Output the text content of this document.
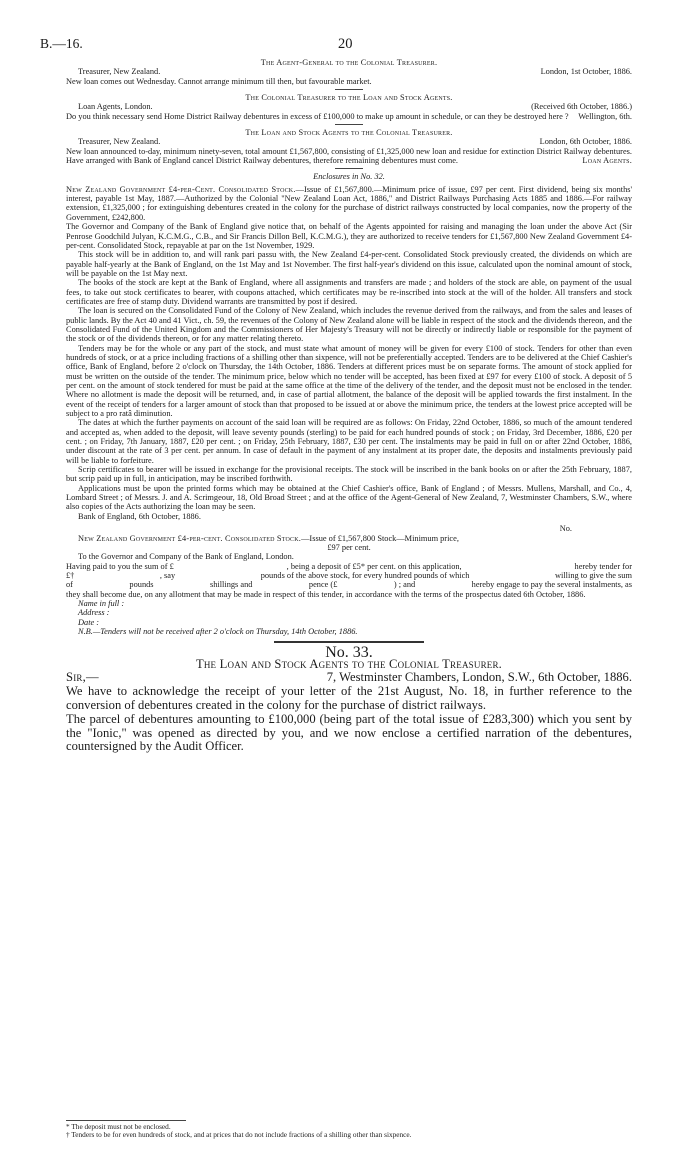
B.—16.	20
The Agent-General to the Colonial Treasurer.
Treasurer, New Zealand.	London, 1st October, 1886.
New loan comes out Wednesday. Cannot arrange minimum till then, but favourable market.
The Colonial Treasurer to the Loan and Stock Agents.
Loan Agents, London.	(Received 6th October, 1886.)
Do you think necessary send Home District Railway debentures in excess of £100,000 to make up amount in schedule, or can they be destroyed here ?	Wellington, 6th.
The Loan and Stock Agents to the Colonial Treasurer.
Treasurer, New Zealand.	London, 6th October, 1886.
New loan announced to-day, minimum ninety-seven, total amount £1,567,800, consisting of £1,325,000 new loan and residue for extinction District Railway debentures. Have arranged with Bank of England cancel District Railway debentures, therefore remaining debentures must come.	Loan Agents.
Enclosures in No. 32.
New Zealand Government £4-per-Cent. Consolidated Stock.—Issue of £1,567,800.—Minimum price of issue, £97 per cent. First dividend, being six months' interest, payable 1st May, 1887.—Authorized by the Colonial "New Zealand Loan Act, 1886," and District Railways Purchasing Acts 1885 and 1886.—For railway extension, £1,325,000 ; for extinguishing debentures created in the colony for the purchase of district railways constructed by local companies, now the property of the Government, £242,800.
The Governor and Company of the Bank of England give notice that, on behalf of the Agents appointed for raising and managing the loan under the above Act (Sir Penrose Goodchild Julyan, K.C.M.G., C.B., and Sir Francis Dillon Bell, K.C.M.G.), they are authorized to receive tenders for £1,567,800 New Zealand Government £4-per-cent. Consolidated Stock, repayable at par on the 1st November, 1929.
This stock will be in addition to, and will rank pari passu with, the New Zealand £4-per-cent. Consolidated Stock previously created, the dividends on which are payable half-yearly at the Bank of England, on the 1st May and 1st November. The first half-year's dividend on this issue, calculated upon the nominal amount of stock, will be payable on the 1st May next.
The books of the stock are kept at the Bank of England, where all assignments and transfers are made ; and holders of the stock are able, on payment of the usual fees, to take out stock certificates to bearer, with coupons attached, which certificates may be re-inscribed into stock at the will of the holder. All transfers and stock certificates are free of stamp duty. Dividend warrants are transmitted by post if desired.
The loan is secured on the Consolidated Fund of the Colony of New Zealand, which includes the revenue derived from the railways, and from the sales and leases of public lands. By the Act 40 and 41 Vict., ch. 59, the revenues of the Colony of New Zealand alone will be liable in respect of the stock and the dividends thereon, and the Consolidated Fund of the United Kingdom and the Commissioners of Her Majesty's Treasury will not be directly or indirectly liable or responsible for the payment of the stock or of the dividends thereon, or for any matter relating thereto.
Tenders may be for the whole or any part of the stock, and must state what amount of money will be given for every £100 of stock. Tenders for other than even hundreds of stock, or at a price including fractions of a shilling other than sixpence, will not be preferentially accepted. Tenders are to be delivered at the Chief Cashier's office, Bank of England, before 2 o'clock on Thursday, the 14th October, 1886. Tenders at different prices must be on separate forms. The amount of stock applied for must be written on the outside of the tender. The minimum price, below which no tender will be accepted, has been fixed at £97 for every £100 of stock. A deposit of 5 per cent. on the amount of stock tendered for must be paid at the same office at the time of the delivery of the tender, and the deposit must not be enclosed in the tender. Where no allotment is made the deposit will be returned, and, in case of partial allotment, the balance of the deposit will be applied towards the first instalment. In the event of the receipt of tenders for a larger amount of stock than that proposed to be issued at or above the minimum price, the tenders at the lowest price accepted will be subject to a pro ratâ diminution.
The dates at which the further payments on account of the said loan will be required are as follows: On Friday, 22nd October, 1886, so much of the amount tendered and accepted as, when added to the deposit, will leave seventy pounds (sterling) to be paid for each hundred pounds of stock ; on Friday, 3rd December, 1886, £20 per cent. ; on Friday, 7th January, 1887, £20 per cent. ; on Friday, 25th February, 1887, £30 per cent. The instalments may be paid in full on or after 22nd October, 1886, under discount at the rate of 3 per cent. per annum. In case of default in the payment of any instalment at its proper date, the deposits and instalments previously paid will be liable to forfeiture.
Scrip certificates to bearer will be issued in exchange for the provisional receipts. The stock will be inscribed in the bank books on or after the 25th February, 1887, but scrip paid up in full, in anticipation, may be inscribed forthwith.
Applications must be upon the printed forms which may be obtained at the Chief Cashier's office, Bank of England ; of Messrs. Mullens, Marshall, and Co., 4, Lombard Street ; of Messrs. J. and A. Scrimgeour, 18, Old Broad Street ; and at the office of the Agent-General of New Zealand, 7, Westminster Chambers, S.W., where also copies of the Acts authorizing the loan may be seen.
Bank of England, 6th October, 1886.
No.
New Zealand Government £4-per-cent. Consolidated Stock.—Issue of £1,567,800 Stock—Minimum price,
£97 per cent.
To the Governor and Company of the Bank of England, London.
Having paid to you the sum of £	, being a deposit of £5* per cent. on this application,	hereby tender for
£†	, say	pounds of the above stock, for every hundred pounds of which	willing to give the sum
of	pounds	shillings and	pence (£	) ; and	hereby engage to pay the several instalments, as
they shall become due, on any allotment that may be made in respect of this tender, in accordance with the terms of the prospectus dated 6th October, 1886.
Name in full :
Address :
Date :
N.B.—Tenders will not be received after 2 o'clock on Thursday, 14th October, 1886.
No. 33.
The Loan and Stock Agents to the Colonial Treasurer.
Sir,—	7, Westminster Chambers, London, S.W., 6th October, 1886.
We have to acknowledge the receipt of your letter of the 21st August, No. 18, in further reference to the conversion of debentures created in the colony for the purchase of district railways.
The parcel of debentures amounting to £100,000 (being part of the total issue of £283,300) which you sent by the "Ionic," was opened as directed by you, and we now enclose a certified narration of the debentures, countersigned by the Audit Officer.
* The deposit must not be enclosed.
† Tenders to be for even hundreds of stock, and at prices that do not include fractions of a shilling other than sixpence.
